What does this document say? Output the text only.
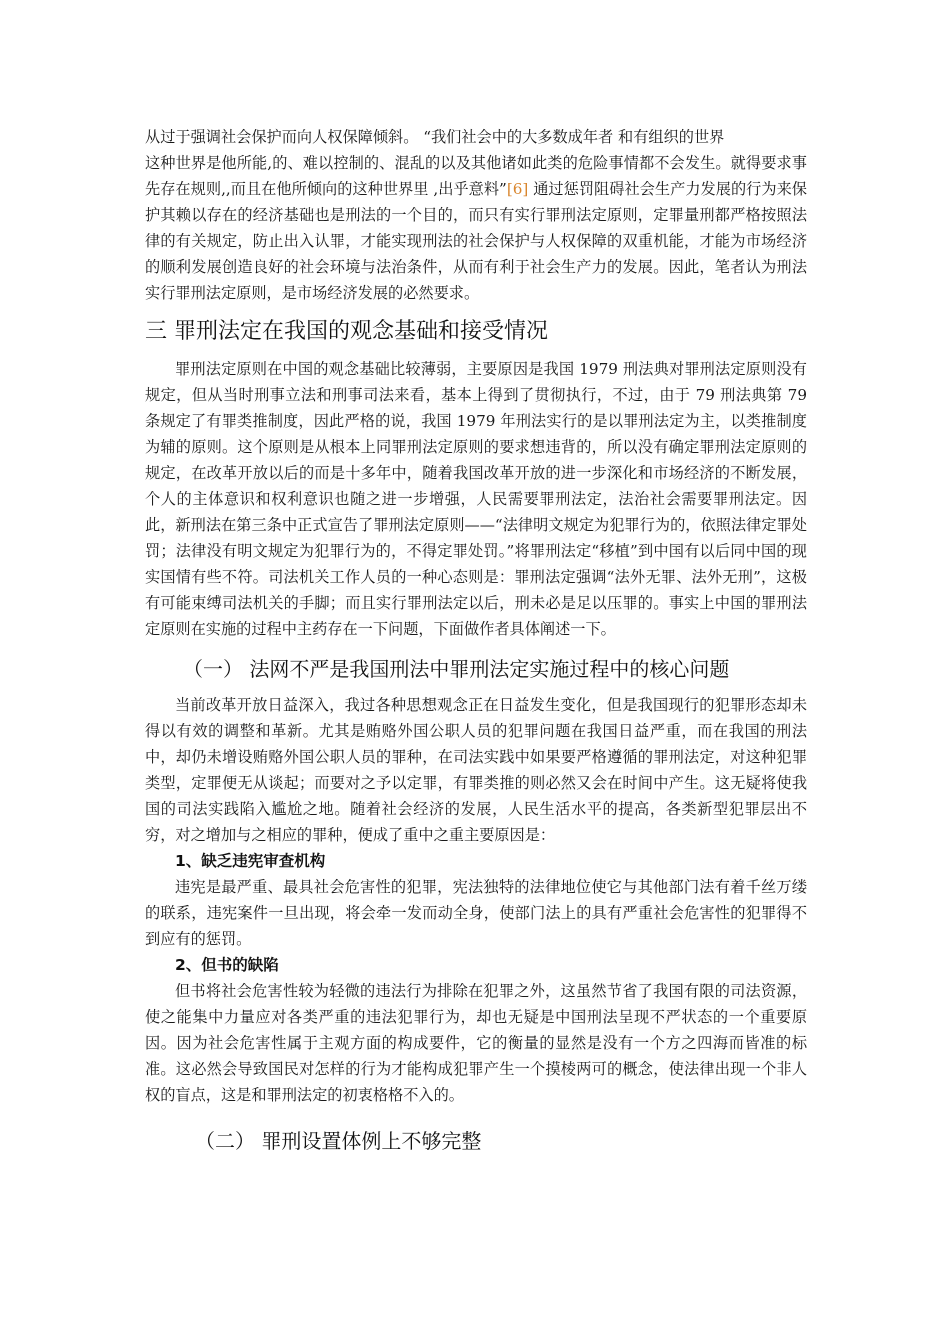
从过于强调社会保护而向人权保障倾斜。 “我们社会中的大多数成年者 和有组织的世界
这种世界是他所能,的、难以控制的、混乱的以及其他诸如此类的危险事情都不会发生。就得要求事先存在规则,,而且在他所倾向的这种世界里 ,出乎意料”[6] 通过惩罚阻碍社会生产力发展的行为来保护其赖以存在的经济基础也是刑法的一个目的，而只有实行罪刑法定原则，定罪量刑都严格按照法律的有关规定，防止出入认罪，才能实现刑法的社会保护与人权保障的双重机能，才能为市场经济的顺利发展创造良好的社会环境与法治条件，从而有利于社会生产力的发展。因此，笔者认为刑法实行罪刑法定原则，是市场经济发展的必然要求。

三 罪刑法定在我国的观念基础和接受情况

罪刑法定原则在中国的观念基础比较薄弱，主要原因是我国 1979 刑法典对罪刑法定原则没有规定，但从当时刑事立法和刑事司法来看，基本上得到了贯彻执行，不过，由于 79 刑法典第 79 条规定了有罪类推制度，因此严格的说，我国 1979 年刑法实行的是以罪刑法定为主，以类推制度为辅的原则。这个原则是从根本上同罪刑法定原则的要求想违背的，所以没有确定罪刑法定原则的规定，在改革开放以后的而是十多年中，随着我国改革开放的进一步深化和市场经济的不断发展，个人的主体意识和权利意识也随之进一步增强，人民需要罪刑法定，法治社会需要罪刑法定。因此，新刑法在第三条中正式宣告了罪刑法定原则——“法律明文规定为犯罪行为的，依照法律定罪处罚；法律没有明文规定为犯罪行为的，不得定罪处罚。”将罪刑法定“移植”到中国有以后同中国的现实国情有些不符。司法机关工作人员的一种心态则是：罪刑法定强调“法外无罪、法外无刑”，这极有可能束缚司法机关的手脚；而且实行罪刑法定以后，刑未必是足以压罪的。事实上中国的罪刑法定原则在实施的过程中主药存在一下问题，下面做作者具体阐述一下。

（一） 法网不严是我国刑法中罪刑法定实施过程中的核心问题

当前改革开放日益深入，我过各种思想观念正在日益发生变化，但是我国现行的犯罪形态却未得以有效的调整和革新。尤其是贿赂外国公职人员的犯罪问题在我国日益严重，而在我国的刑法中，却仍未增设贿赂外国公职人员的罪种，在司法实践中如果要严格遵循的罪刑法定，对这种犯罪类型，定罪便无从谈起；而要对之予以定罪，有罪类推的则必然又会在时间中产生。这无疑将使我国的司法实践陷入尴尬之地。随着社会经济的发展，人民生活水平的提高，各类新型犯罪层出不穷，对之增加与之相应的罪种，便成了重中之重主要原因是：

1、缺乏违宪审查机构

违宪是最严重、最具社会危害性的犯罪，宪法独特的法律地位使它与其他部门法有着千丝万缕的联系，违宪案件一旦出现，将会牵一发而动全身，使部门法上的具有严重社会危害性的犯罪得不到应有的惩罚。

2、但书的缺陷

但书将社会危害性较为轻微的违法行为排除在犯罪之外，这虽然节省了我国有限的司法资源，使之能集中力量应对各类严重的违法犯罪行为，却也无疑是中国刑法呈现不严状态的一个重要原因。因为社会危害性属于主观方面的构成要件，它的衡量的显然是没有一个方之四海而皆准的标准。这必然会导致国民对怎样的行为才能构成犯罪产生一个摸棱两可的概念，使法律出现一个非人权的盲点，这是和罪刑法定的初衷格格不入的。

（二） 罪刑设置体例上不够完整
